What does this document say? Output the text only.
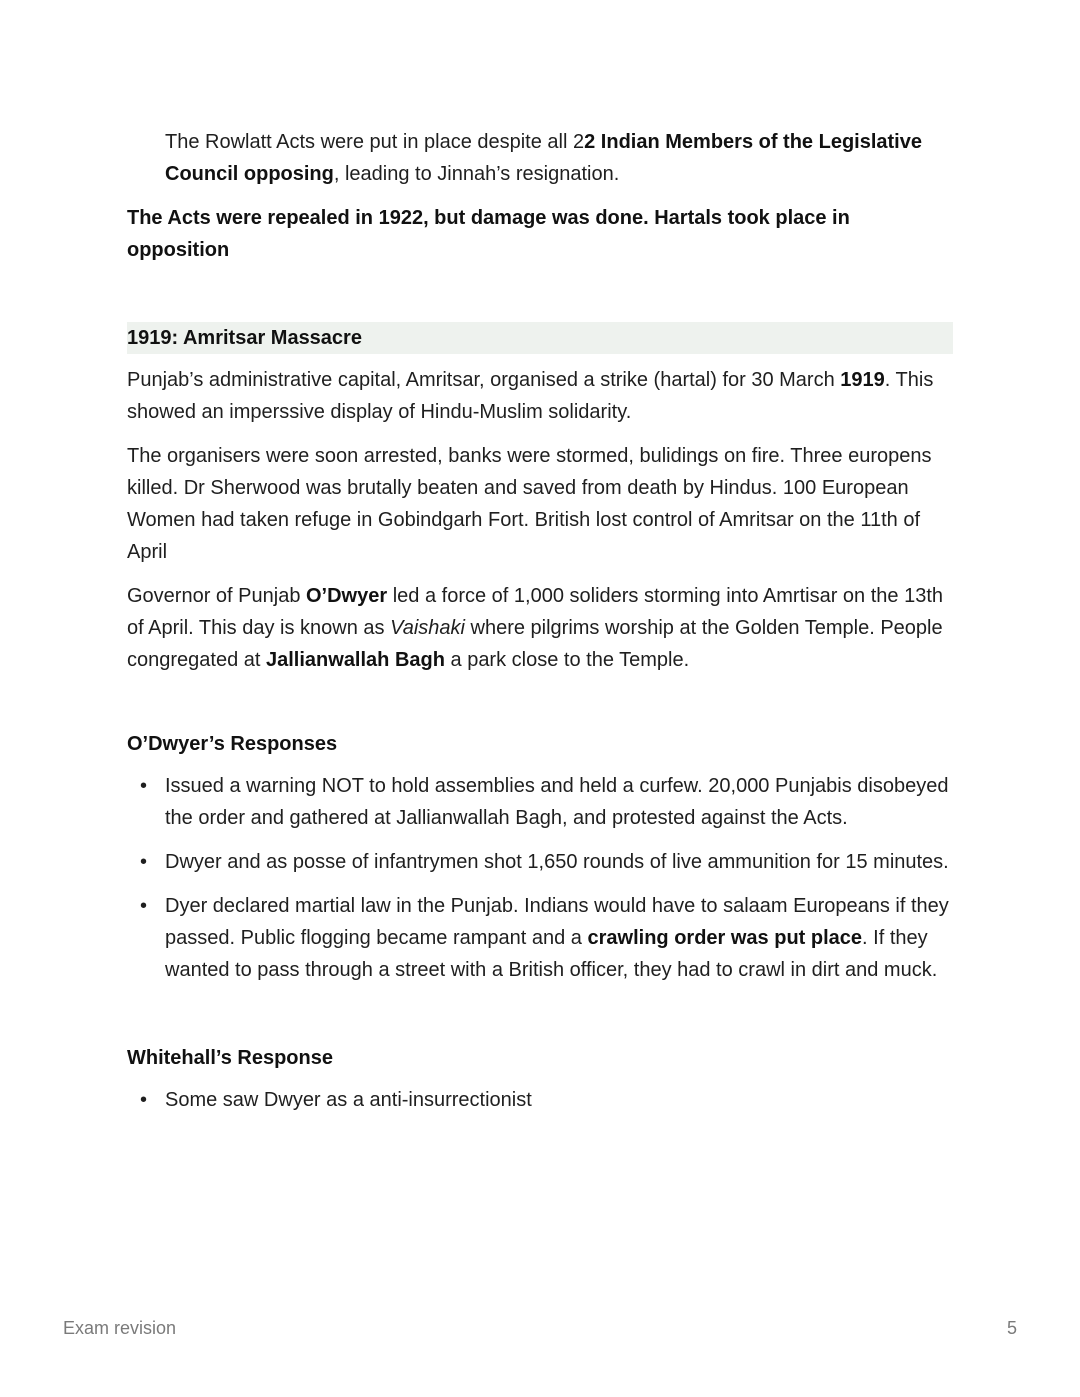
The Rowlatt Acts were put in place despite all 22 Indian Members of the Legislative Council opposing, leading to Jinnah’s resignation.

The Acts were repealed in 1922, but damage was done. Hartals took place in opposition

1919: Amritsar Massacre

Punjab’s administrative capital, Amritsar, organised a strike (hartal) for 30 March 1919. This showed an imperssive display of Hindu-Muslim solidarity.

The organisers were soon arrested, banks were stormed, bulidings on fire. Three europens killed. Dr Sherwood was brutally beaten and saved from death by Hindus. 100 European Women had taken refuge in Gobindgarh Fort. British lost control of Amritsar on the 11th of April

Governor of Punjab O’Dwyer led a force of 1,000 soliders storming into Amrtisar on the 13th of April. This day is known as Vaishaki where pilgrims worship at the Golden Temple. People congregated at Jallianwallah Bagh a park close to the Temple.

O’Dwyer’s Responses
• Issued a warning NOT to hold assemblies and held a curfew. 20,000 Punjabis disobeyed the order and gathered at Jallianwallah Bagh, and protested against the Acts.
• Dwyer and as posse of infantrymen shot 1,650 rounds of live ammunition for 15 minutes.
• Dyer declared martial law in the Punjab. Indians would have to salaam Europeans if they passed. Public flogging became rampant and a crawling order was put place. If they wanted to pass through a street with a British officer, they had to crawl in dirt and muck.
Whitehall’s Response
• Some saw Dwyer as a anti-insurrectionist
Exam revision	5
